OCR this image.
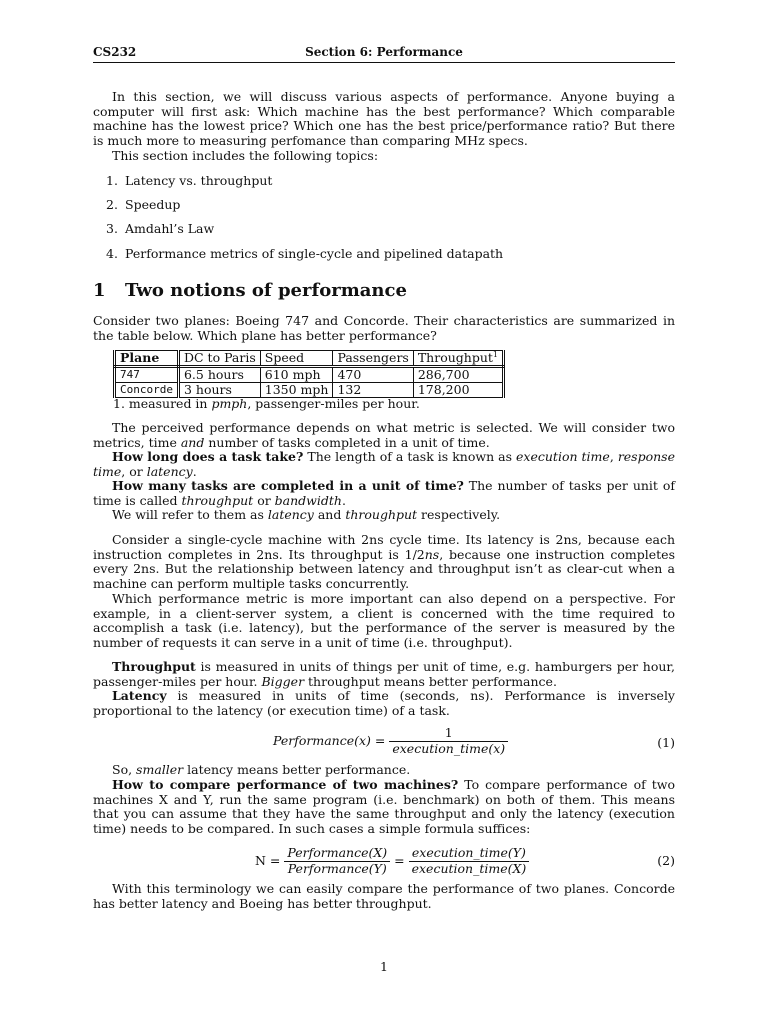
CS232	Section 6: Performance

In this section, we will discuss various aspects of performance. Anyone buying a computer will first ask: Which machine has the best performance? Which comparable machine has the lowest price? Which one has the best price/performance ratio? But there is much more to measuring perfomance than comparing MHz specs.

This section includes the following topics:

1. Latency vs. throughput
2. Speedup
3. Amdahl’s Law
4. Performance metrics of single-cycle and pipelined datapath
1 Two notions of performance

Consider two planes: Boeing 747 and Concorde. Their characteristics are summarized in the table below. Which plane has better performance?

Plane	DC to Paris	Speed	Passengers	Throughput$^1$
747	6.5 hours	610 mph	470	286,700
Concorde	3 hours	1350 mph	132	178,200
1. measured in pmph, passenger-miles per hour.

The perceived performance depends on what metric is selected. We will consider two metrics, time and number of tasks completed in a unit of time.

How long does a task take? The length of a task is known as execution time, response time, or latency.

How many tasks are completed in a unit of time? The number of tasks per unit of time is called throughput or bandwidth.

We will refer to them as latency and throughput respectively.

Consider a single-cycle machine with 2ns cycle time. Its latency is 2ns, because each instruction completes in 2ns. Its throughput is 1/2ns, because one instruction completes every 2ns. But the relationship between latency and throughput isn’t as clear-cut when a machine can perform multiple tasks concurrently.

Which performance metric is more important can also depend on a perspective. For example, in a client-server system, a client is concerned with the time required to accomplish a task (i.e. latency), but the performance of the server is measured by the number of requests it can serve in a unit of time (i.e. throughput).

Throughput is measured in units of things per unit of time, e.g. hamburgers per hour, passenger-miles per hour. Bigger throughput means better performance.

Latency is measured in units of time (seconds, ns). Performance is inversely proportional to the latency (or execution time) of a task.

Performance(x) = $\frac{1}{\text{execution\_time(x)}}$	(1)

So, smaller latency means better performance.

How to compare performance of two machines? To compare performance of two machines X and Y, run the same program (i.e. benchmark) on both of them. This means that you can assume that they have the same throughput and only the latency (execution time) needs to be compared. In such cases a simple formula suffices:

$N = \frac{\text{Performance(X)}}{\text{Performance(Y)}} = \frac{\text{execution\_time(Y)}}{\text{execution\_time(X)}}$	(2)

With this terminology we can easily compare the performance of two planes. Concorde has better latency and Boeing has better throughput.

1
